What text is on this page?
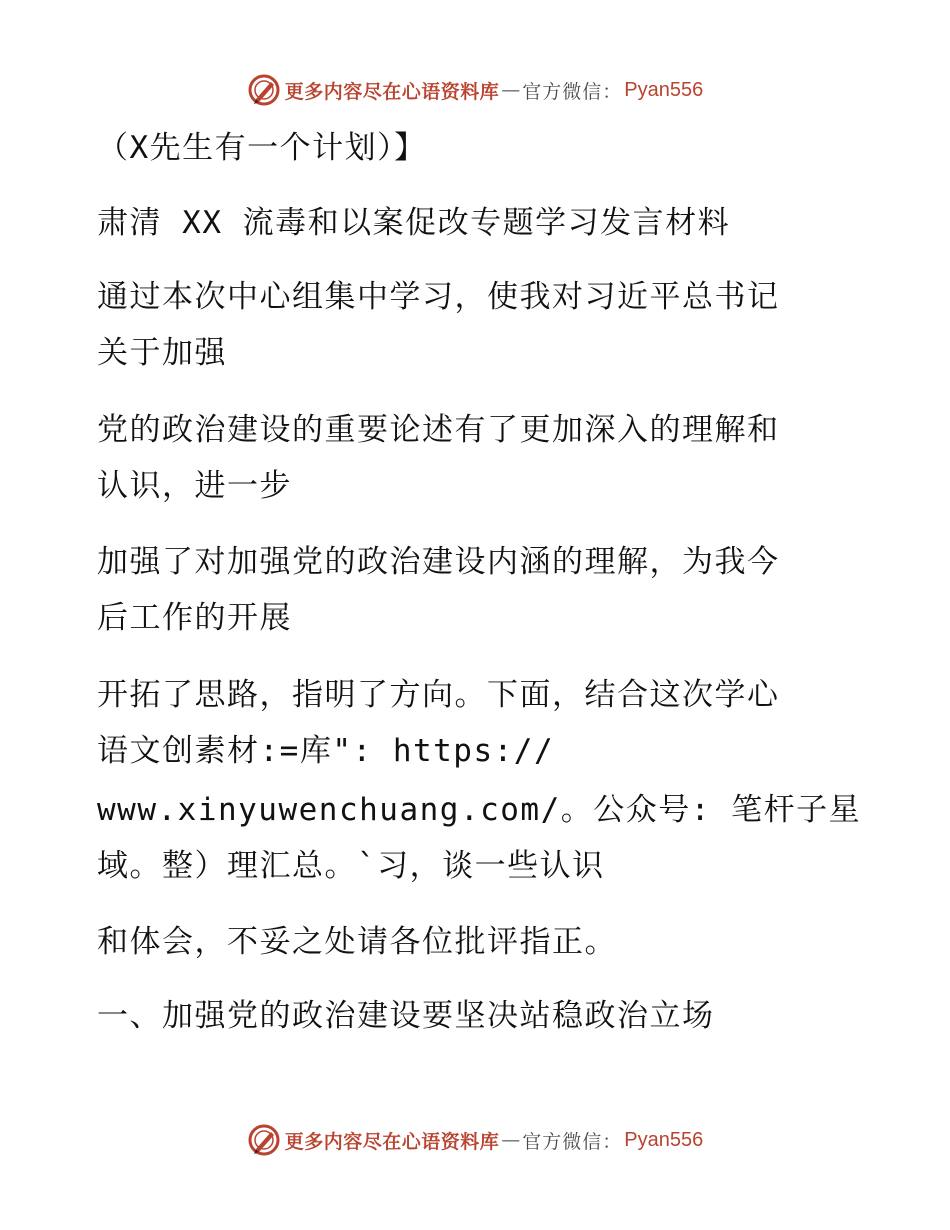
更多内容尽在心语资料库 — 官方微信： Pyan556
（X先生有一个计划）】
肃清 XX 流毒和以案促改专题学习发言材料
通过本次中心组集中学习，使我对习近平总书记
关于加强
党的政治建设的重要论述有了更加深入的理解和
认识，进一步
加强了对加强党的政治建设内涵的理解，为我今
后工作的开展
开拓了思路，指明了方向。下面，结合这次学心
语文创素材:=库": https://
www.xinyuwenchuang.com/。公众号: 笔杆子星
域。整）理汇总。`习，谈一些认识
和体会，不妥之处请各位批评指正。
一、加强党的政治建设要坚决站稳政治立场
更多内容尽在心语资料库 — 官方微信： Pyan556
